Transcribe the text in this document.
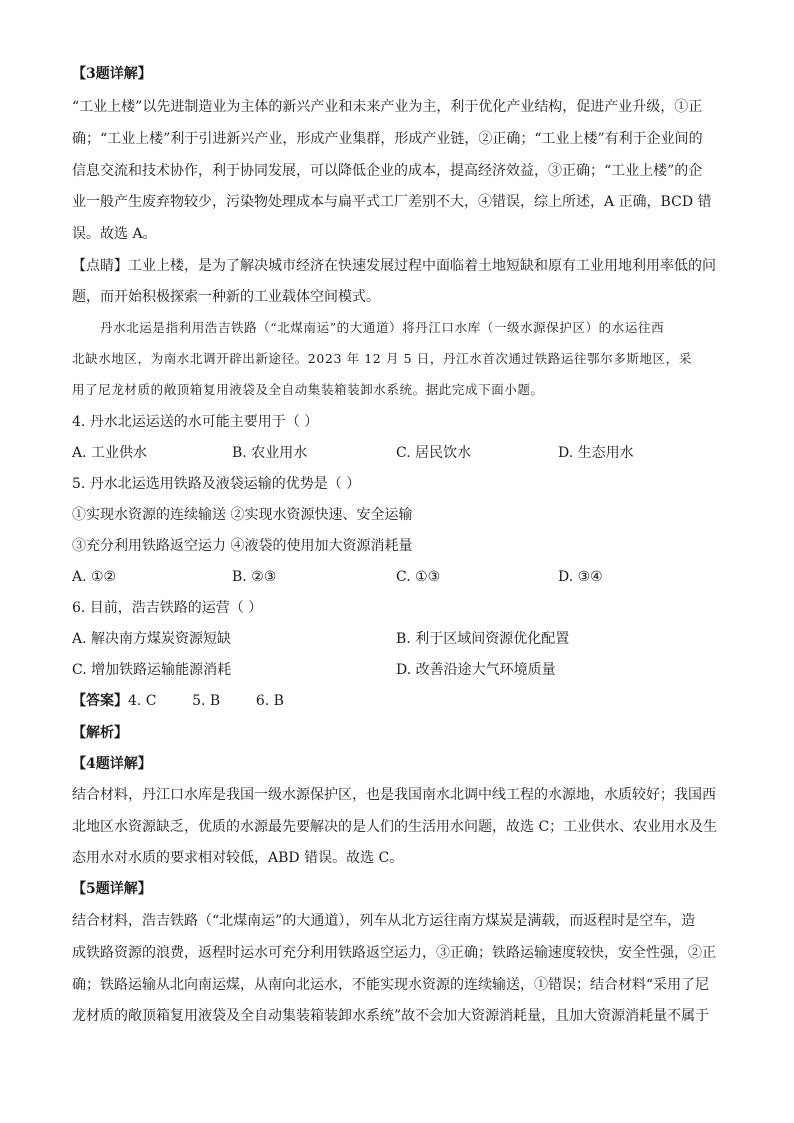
【3题详解】
“工业上楼”以先进制造业为主体的新兴产业和未来产业为主，利于优化产业结构，促进产业升级，①正
确；“工业上楼”利于引进新兴产业，形成产业集群，形成产业链，②正确；“工业上楼”有利于企业间的
信息交流和技术协作，利于协同发展，可以降低企业的成本，提高经济效益，③正确；“工业上楼”的企
业一般产生废弃物较少，污染物处理成本与扁平式工厂差别不大，④错误，综上所述，A 正确，BCD 错
误。故选 A。
【点睛】工业上楼，是为了解决城市经济在快速发展过程中面临着土地短缺和原有工业用地利用率低的问
题，而开始积极探索一种新的工业载体空间模式。
丹水北运是指利用浩吉铁路（“北煤南运”的大通道）将丹江口水库（一级水源保护区）的水运往西
北缺水地区，为南水北调开辟出新途径。2023 年 12 月 5 日，丹江水首次通过铁路运往鄂尔多斯地区，采
用了尼龙材质的敞顶箱复用液袋及全自动集装箱装卸水系统。据此完成下面小题。
4. 丹水北运运送的水可能主要用于（ ）
A. 工业供水	B. 农业用水	C. 居民饮水	D. 生态用水
5. 丹水北运选用铁路及液袋运输的优势是（ ）
①实现水资源的连续输送 ②实现水资源快速、安全运输
③充分利用铁路返空运力 ④液袋的使用加大资源消耗量
A. ①②	B. ②③	C. ①③	D. ③④
6. 目前，浩吉铁路的运营（ ）
A. 解决南方煤炭资源短缺	B. 利于区域间资源优化配置
C. 增加铁路运输能源消耗	D. 改善沿途大气环境质量
【答案】4. C        5. B        6. B
【解析】
【4题详解】
结合材料，丹江口水库是我国一级水源保护区，也是我国南水北调中线工程的水源地，水质较好；我国西
北地区水资源缺乏，优质的水源最先要解决的是人们的生活用水问题，故选 C；工业供水、农业用水及生
态用水对水质的要求相对较低，ABD 错误。故选 C。
【5题详解】
结合材料，浩吉铁路（“北煤南运”的大通道），列车从北方运往南方煤炭是满载，而返程时是空车，造
成铁路资源的浪费，返程时运水可充分利用铁路返空运力，③正确；铁路运输速度较快，安全性强，②正
确；铁路运输从北向南运煤，从南向北运水，不能实现水资源的连续输送，①错误；结合材料“采用了尼
龙材质的敞顶箱复用液袋及全自动集装箱装卸水系统”故不会加大资源消耗量，且加大资源消耗量不属于
